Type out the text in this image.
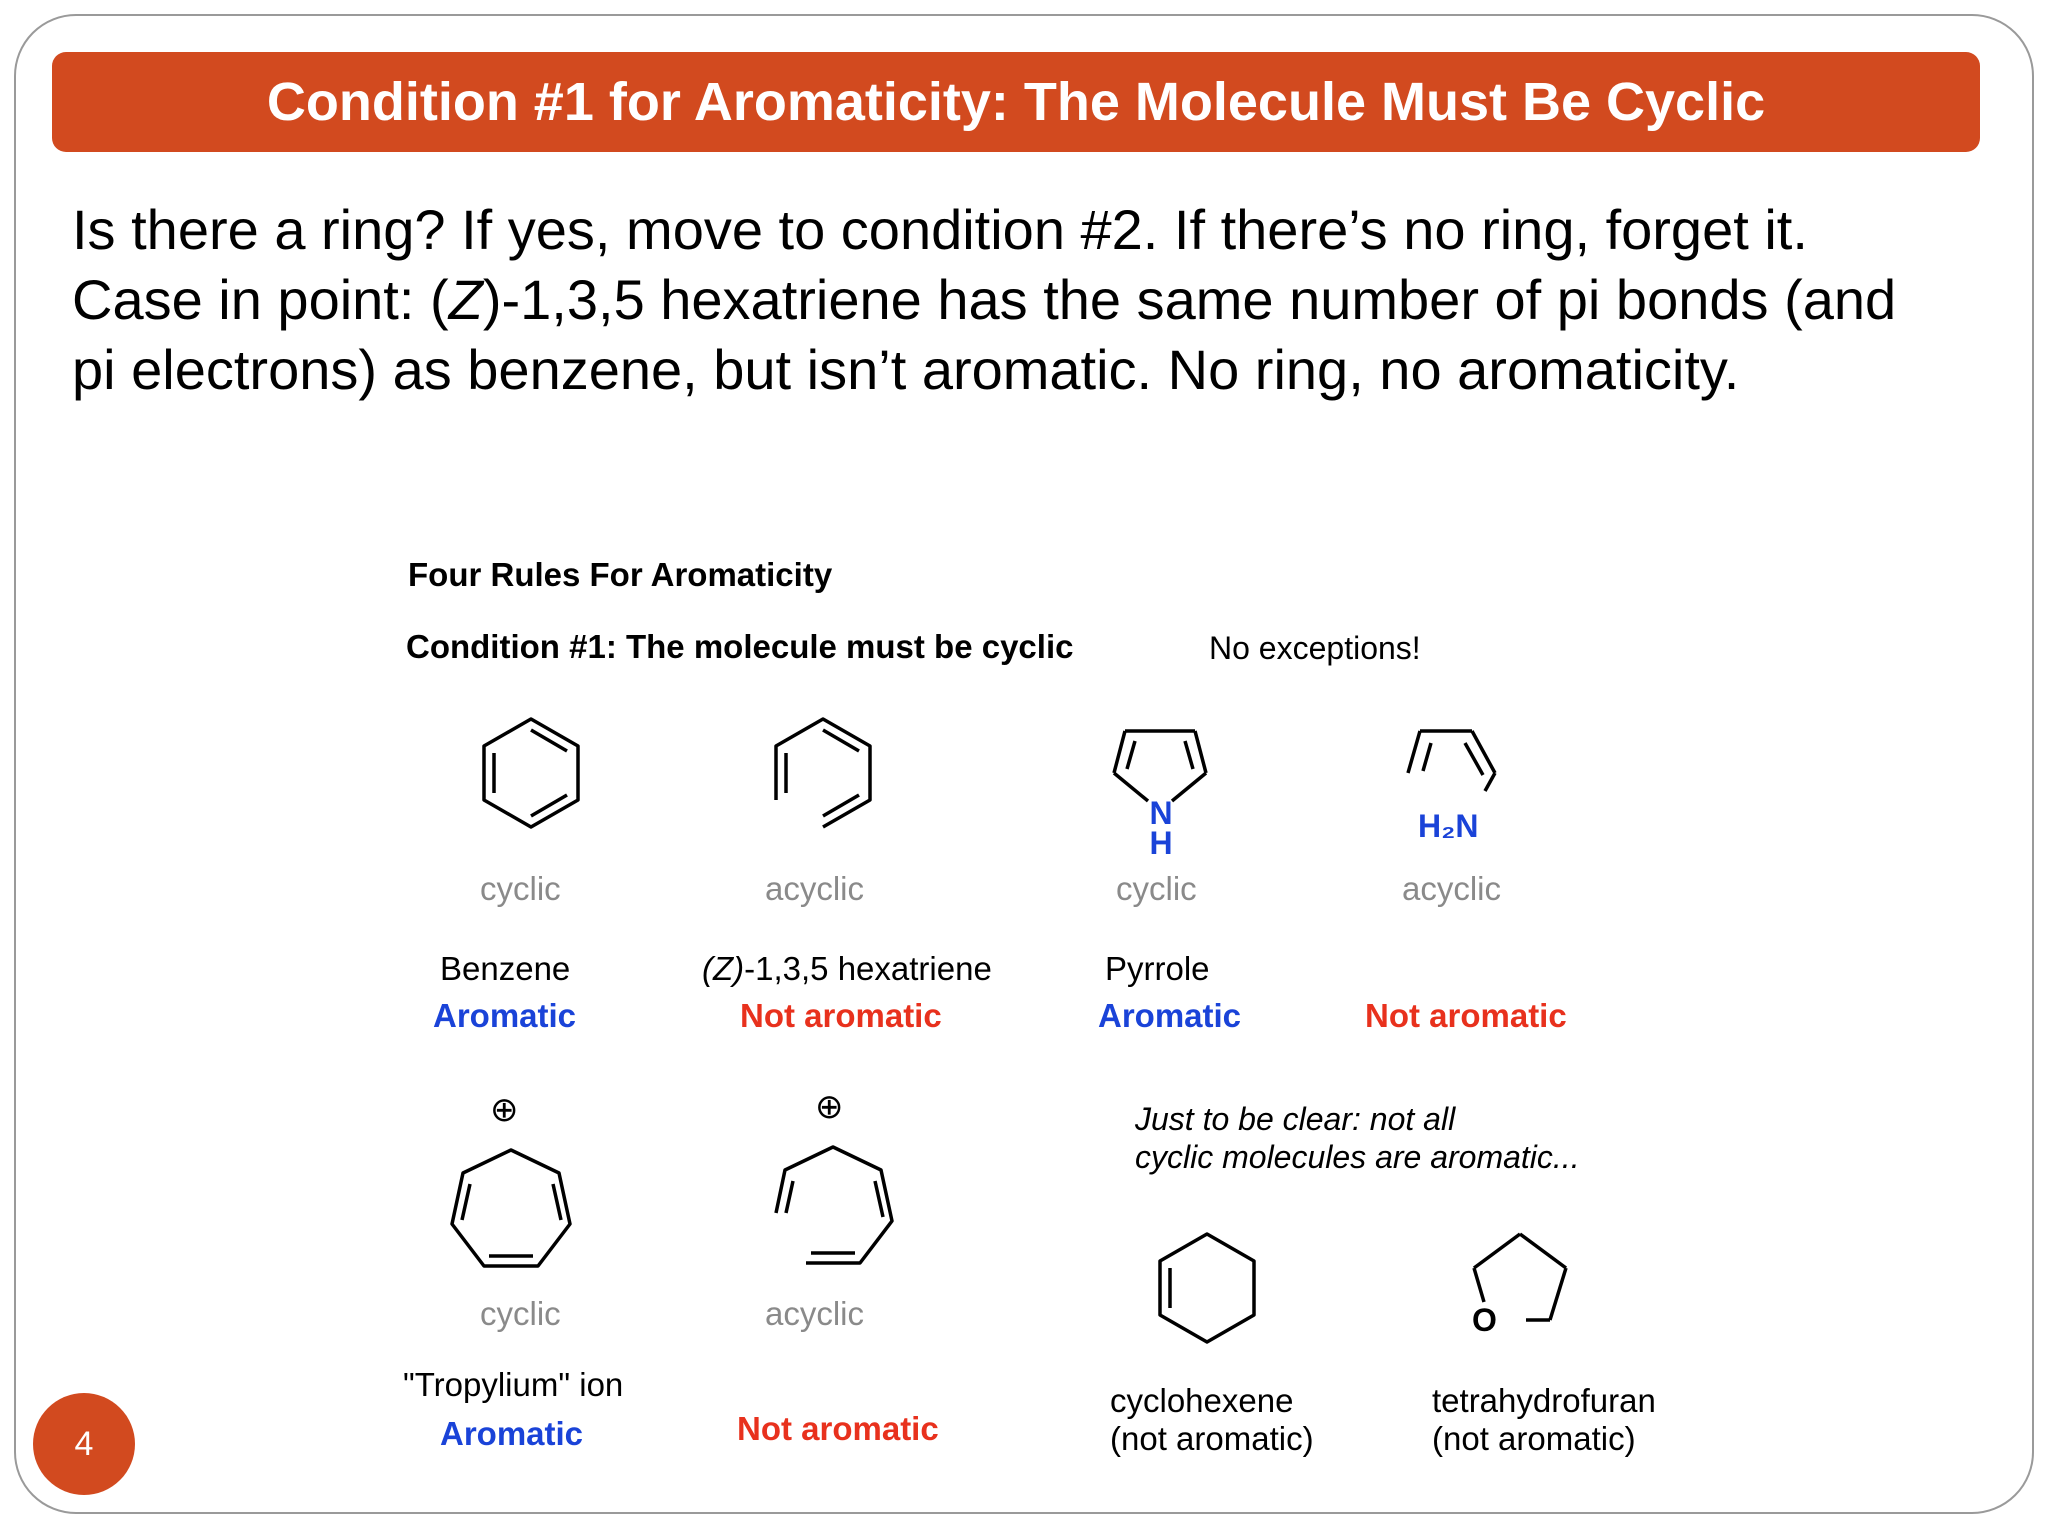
Condition #1 for Aromaticity: The Molecule Must Be Cyclic

Is there a ring? If yes, move to condition #2. If there’s no ring, forget it.

Case in point: (Z)-1,3,5 hexatriene has the same number of pi bonds (and

pi electrons) as benzene, but isn’t aromatic. No ring, no aromaticity.

Four Rules For Aromaticity
Condition #1: The molecule must be cyclic	No exceptions!
cyclic
Benzene
Aromatic
acyclic
(Z)-1,3,5 hexatriene
Not aromatic
N
H
cyclic
Pyrrole
Aromatic
H₂N
acyclic
Not aromatic
⊕
cyclic
"Tropylium" ion
Aromatic
⊕
acyclic
Not aromatic
Just to be clear: not all
cyclic molecules are aromatic...
cyclohexene
(not aromatic)
O
tetrahydrofuran
(not aromatic)
4
